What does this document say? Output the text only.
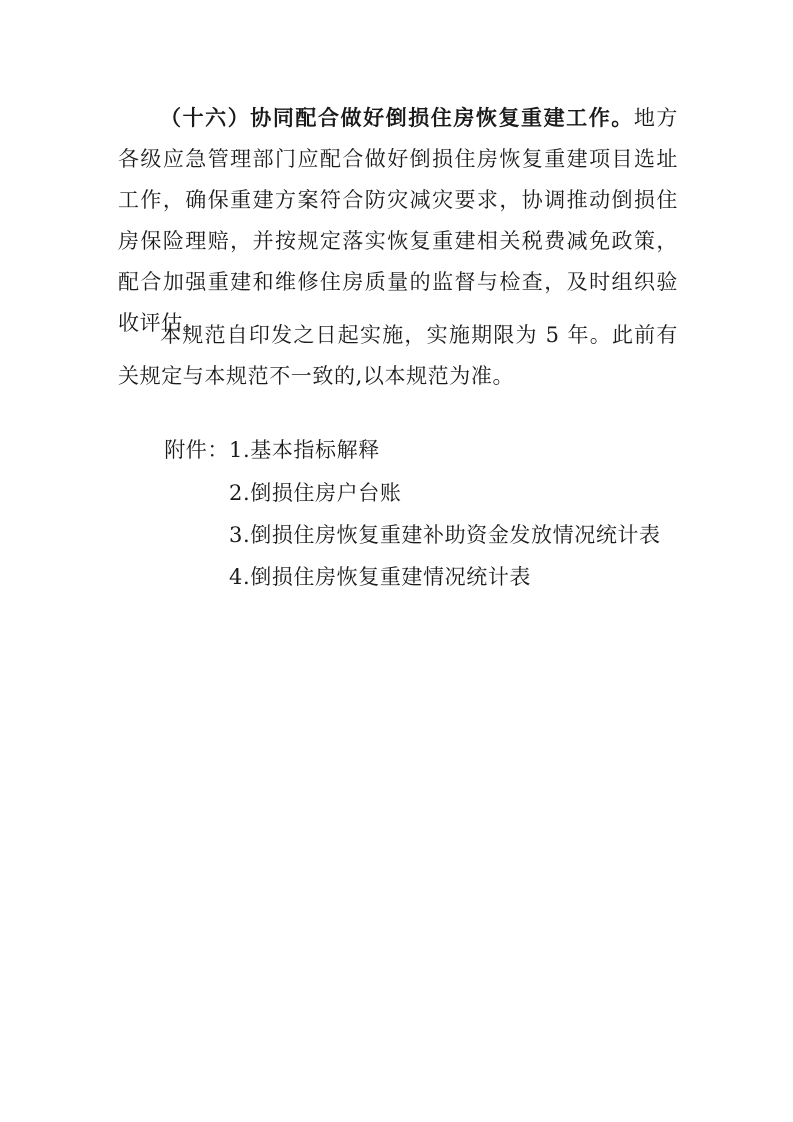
（十六）协同配合做好倒损住房恢复重建工作。地方各级应急管理部门应配合做好倒损住房恢复重建项目选址工作，确保重建方案符合防灾减灾要求，协调推动倒损住房保险理赔，并按规定落实恢复重建相关税费减免政策，配合加强重建和维修住房质量的监督与检查，及时组织验收评估。

本规范自印发之日起实施，实施期限为 5 年。此前有关规定与本规范不一致的,以本规范为准。

附件： 1.基本指标解释
2.倒损住房户台账
3.倒损住房恢复重建补助资金发放情况统计表
4.倒损住房恢复重建情况统计表
